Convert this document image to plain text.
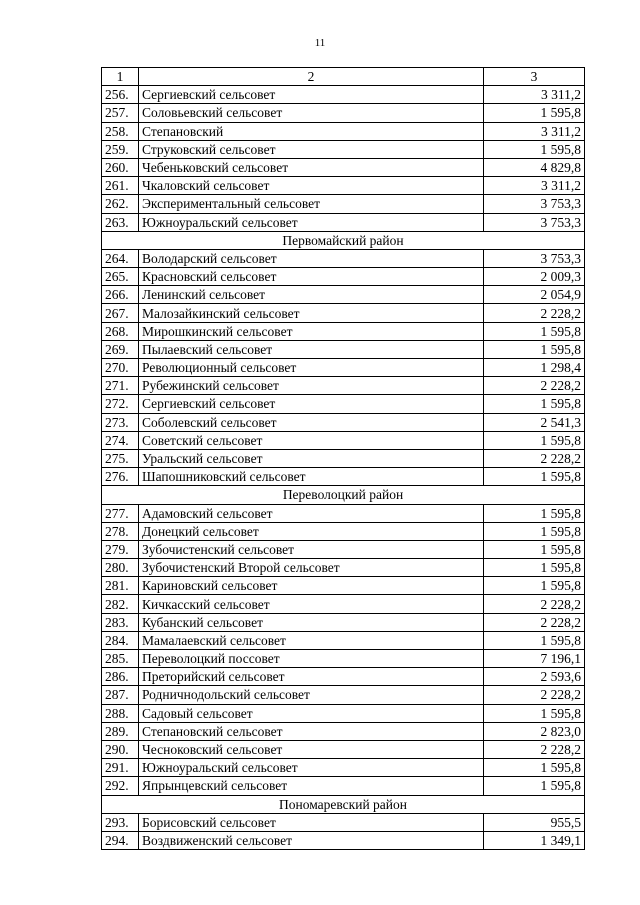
11
1	2	3
256.	Сергиевский сельсовет	3 311,2
257.	Соловьевский сельсовет	1 595,8
258.	Степановский	3 311,2
259.	Струковский сельсовет	1 595,8
260.	Чебеньковский сельсовет	4 829,8
261.	Чкаловский сельсовет	3 311,2
262.	Экспериментальный сельсовет	3 753,3
263.	Южноуральский сельсовет	3 753,3
Первомайский район		
264.	Володарский сельсовет	3 753,3
265.	Красновский сельсовет	2 009,3
266.	Ленинский сельсовет	2 054,9
267.	Малозайкинский сельсовет	2 228,2
268.	Мирошкинский сельсовет	1 595,8
269.	Пылаевский сельсовет	1 595,8
270.	Революционный сельсовет	1 298,4
271.	Рубежинский сельсовет	2 228,2
272.	Сергиевский сельсовет	1 595,8
273.	Соболевский сельсовет	2 541,3
274.	Советский сельсовет	1 595,8
275.	Уральский сельсовет	2 228,2
276.	Шапошниковский сельсовет	1 595,8
Переволоцкий район		
277.	Адамовский сельсовет	1 595,8
278.	Донецкий сельсовет	1 595,8
279.	Зубочистенский сельсовет	1 595,8
280.	Зубочистенский Второй сельсовет	1 595,8
281.	Кариновский сельсовет	1 595,8
282.	Кичкасский сельсовет	2 228,2
283.	Кубанский сельсовет	2 228,2
284.	Мамалаевский сельсовет	1 595,8
285.	Переволоцкий поссовет	7 196,1
286.	Преторийский сельсовет	2 593,6
287.	Родничнодольский сельсовет	2 228,2
288.	Садовый сельсовет	1 595,8
289.	Степановский сельсовет	2 823,0
290.	Чесноковский сельсовет	2 228,2
291.	Южноуральский сельсовет	1 595,8
292.	Япрынцевский сельсовет	1 595,8
Пономаревский район		
293.	Борисовский сельсовет	955,5
294.	Воздвиженский сельсовет	1 349,1
